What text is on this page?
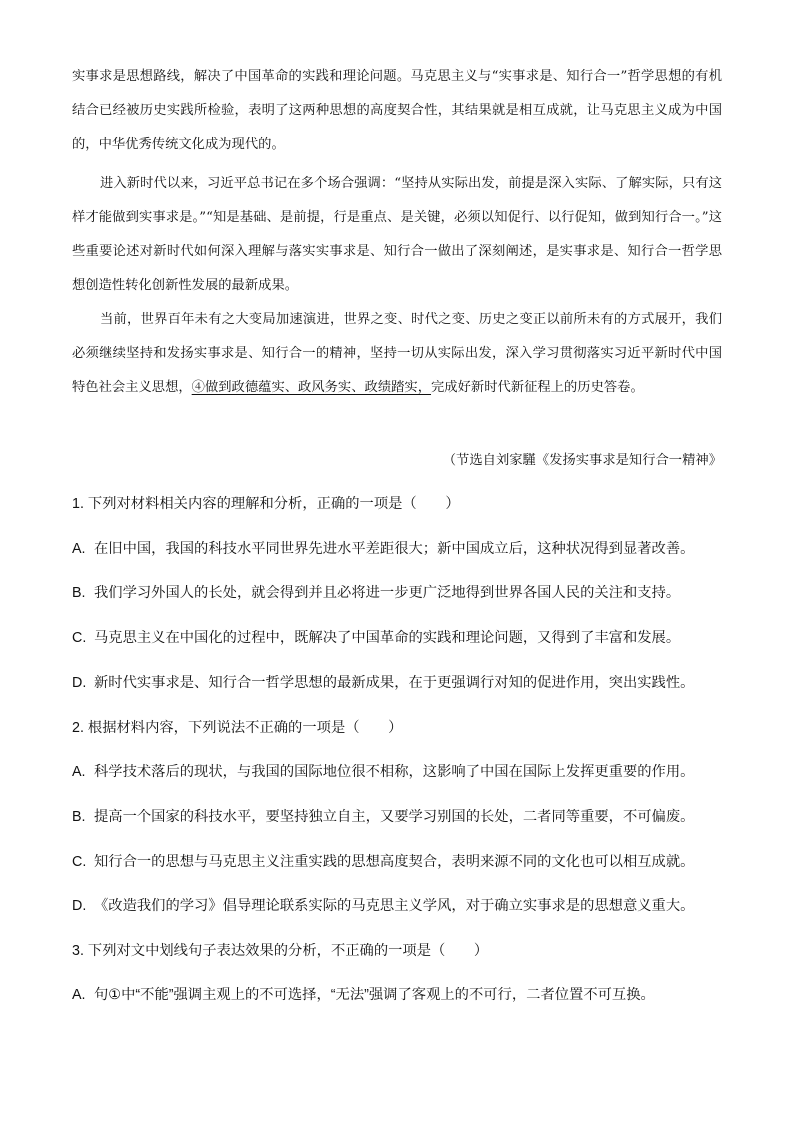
实事求是思想路线，解决了中国革命的实践和理论问题。马克思主义与“实事求是、知行合一”哲学思想的有机结合已经被历史实践所检验，表明了这两种思想的高度契合性，其结果就是相互成就，让马克思主义成为中国的，中华优秀传统文化成为现代的。

进入新时代以来，习近平总书记在多个场合强调：“坚持从实际出发，前提是深入实际、了解实际，只有这样才能做到实事求是。”“知是基础、是前提，行是重点、是关键，必须以知促行、以行促知，做到知行合一。”这些重要论述对新时代如何深入理解与落实实事求是、知行合一做出了深刻阐述，是实事求是、知行合一哲学思想创造性转化创新性发展的最新成果。

当前，世界百年未有之大变局加速演进，世界之变、时代之变、历史之变正以前所未有的方式展开，我们必须继续坚持和发扬实事求是、知行合一的精神，坚持一切从实际出发，深入学习贯彻落实习近平新时代中国特色社会主义思想，④做到政德蕴实、政风务实、政绩踏实，完成好新时代新征程上的历史答卷。

（节选自刘家騹《发扬实事求是知行合一精神》
1. 下列对材料相关内容的理解和分析，正确的一项是（　　）
A. 在旧中国，我国的科技水平同世界先进水平差距很大；新中国成立后，这种状况得到显著改善。
B. 我们学习外国人的长处，就会得到并且必将进一步更广泛地得到世界各国人民的关注和支持。
C. 马克思主义在中国化的过程中，既解决了中国革命的实践和理论问题，又得到了丰富和发展。
D. 新时代实事求是、知行合一哲学思想的最新成果，在于更强调行对知的促进作用，突出实践性。
2. 根据材料内容，下列说法不正确的一项是（　　）
A. 科学技术落后的现状，与我国的国际地位很不相称，这影响了中国在国际上发挥更重要的作用。
B. 提高一个国家的科技水平，要坚持独立自主，又要学习别国的长处，二者同等重要，不可偏废。
C. 知行合一的思想与马克思主义注重实践的思想高度契合，表明来源不同的文化也可以相互成就。
D. 《改造我们的学习》倡导理论联系实际的马克思主义学风，对于确立实事求是的思想意义重大。
3. 下列对文中划线句子表达效果的分析，不正确的一项是（　　）
A. 句①中“不能”强调主观上的不可选择，“无法”强调了客观上的不可行，二者位置不可互换。
